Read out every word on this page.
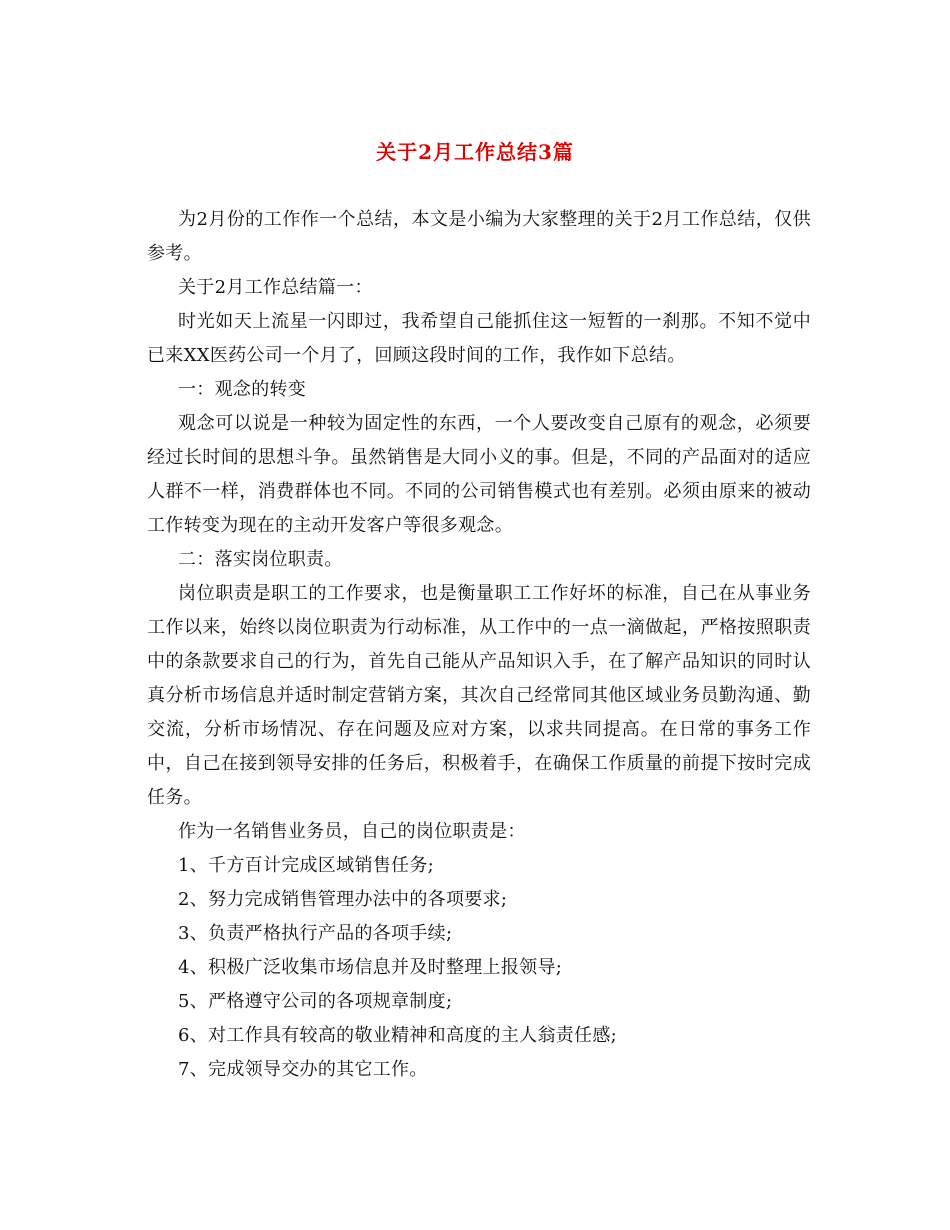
关于2月工作总结3篇

为2月份的工作作一个总结，本文是小编为大家整理的关于2月工作总结，仅供参考。

关于2月工作总结篇一：

时光如天上流星一闪即过，我希望自己能抓住这一短暂的一刹那。不知不觉中已来XX医药公司一个月了，回顾这段时间的工作，我作如下总结。

一：观念的转变

观念可以说是一种较为固定性的东西，一个人要改变自己原有的观念，必须要经过长时间的思想斗争。虽然销售是大同小义的事。但是，不同的产品面对的适应人群不一样，消费群体也不同。不同的公司销售模式也有差别。必须由原来的被动工作转变为现在的主动开发客户等很多观念。

二：落实岗位职责。

岗位职责是职工的工作要求，也是衡量职工工作好坏的标准，自己在从事业务工作以来，始终以岗位职责为行动标准，从工作中的一点一滴做起，严格按照职责中的条款要求自己的行为，首先自己能从产品知识入手，在了解产品知识的同时认真分析市场信息并适时制定营销方案，其次自己经常同其他区域业务员勤沟通、勤交流，分析市场情况、存在问题及应对方案，以求共同提高。在日常的事务工作中，自己在接到领导安排的任务后，积极着手，在确保工作质量的前提下按时完成任务。

作为一名销售业务员，自己的岗位职责是：

1、千方百计完成区域销售任务;

2、努力完成销售管理办法中的各项要求;

3、负责严格执行产品的各项手续;

4、积极广泛收集市场信息并及时整理上报领导;

5、严格遵守公司的各项规章制度;

6、对工作具有较高的敬业精神和高度的主人翁责任感;

7、完成领导交办的其它工作。
